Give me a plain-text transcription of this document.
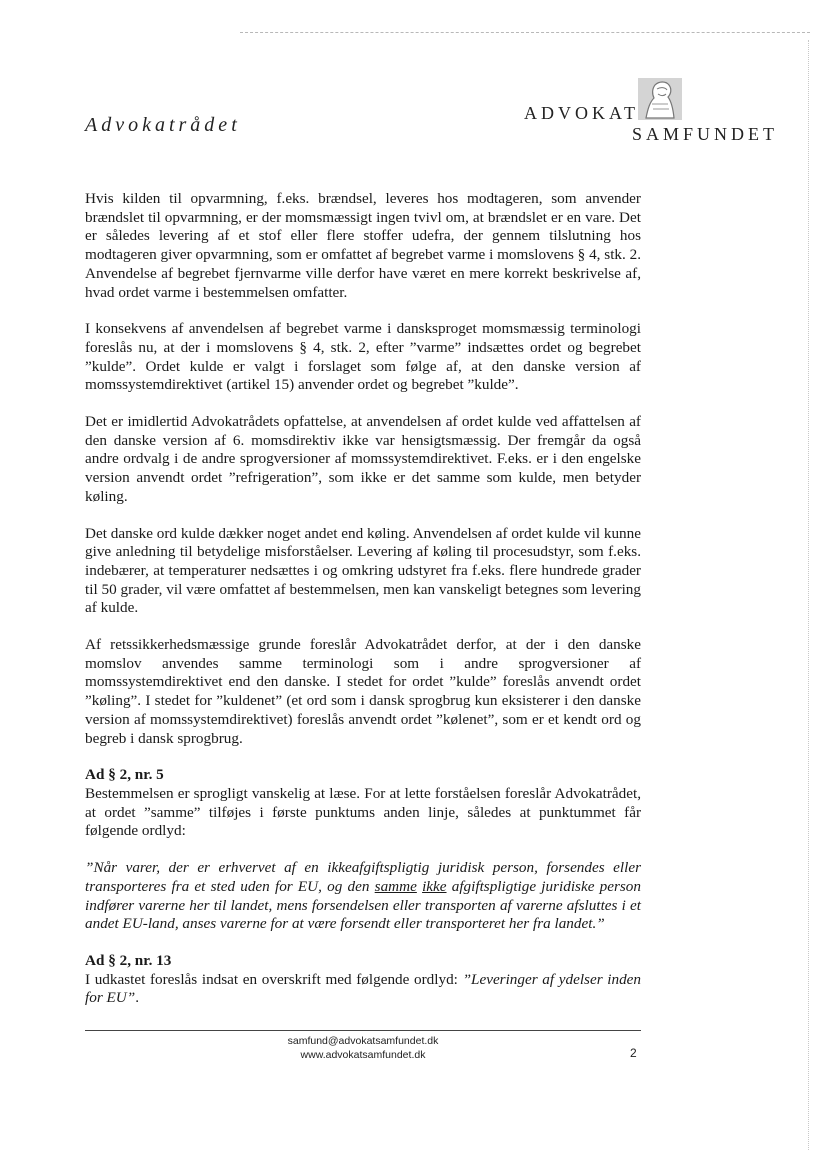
Advokatrådet
ADVOKAT
SAMFUNDET

Hvis kilden til opvarmning, f.eks. brændsel, leveres hos modtageren, som anvender brændslet til opvarmning, er der momsmæssigt ingen tvivl om, at brændslet er en vare. Det er således levering af et stof eller flere stoffer udefra, der gennem tilslutning hos modtageren giver opvarmning, som er omfattet af begrebet varme i momslovens § 4, stk. 2. Anvendelse af begrebet fjernvarme ville derfor have været en mere korrekt beskrivelse af, hvad ordet varme i bestemmelsen omfatter.

I konsekvens af anvendelsen af begrebet varme i dansksproget momsmæssig terminologi foreslås nu, at der i momslovens § 4, stk. 2, efter ”varme” indsættes ordet og begrebet ”kulde”. Ordet kulde er valgt i forslaget som følge af, at den danske version af momssystemdirektivet (artikel 15) anvender ordet og begrebet ”kulde”.

Det er imidlertid Advokatrådets opfattelse, at anvendelsen af ordet kulde ved affattelsen af den danske version af 6. momsdirektiv ikke var hensigtsmæssig. Der fremgår da også andre ordvalg i de andre sprogversioner af momssystemdirektivet. F.eks. er i den engelske version anvendt ordet ”refrigeration”, som ikke er det samme som kulde, men betyder køling.

Det danske ord kulde dækker noget andet end køling. Anvendelsen af ordet kulde vil kunne give anledning til betydelige misforståelser. Levering af køling til procesudstyr, som f.eks. indebærer, at temperaturer nedsættes i og omkring udstyret fra f.eks. flere hundrede grader til 50 grader, vil være omfattet af bestemmelsen, men kan vanskeligt betegnes som levering af kulde.

Af retssikkerhedsmæssige grunde foreslår Advokatrådet derfor, at der i den danske momslov anvendes samme terminologi som i andre sprogversioner af momssystemdirektivet end den danske. I stedet for ordet ”kulde” foreslås anvendt ordet ”køling”. I stedet for ”kuldenet” (et ord som i dansk sprogbrug kun eksisterer i den danske version af momssystemdirektivet) foreslås anvendt ordet ”kølenet”, som er et kendt ord og begreb i dansk sprogbrug.

Ad § 2, nr. 5

Bestemmelsen er sprogligt vanskelig at læse. For at lette forståelsen foreslår Advokatrådet, at ordet ”samme” tilføjes i første punktums anden linje, således at punktummet får følgende ordlyd:

”Når varer, der er erhvervet af en ikkeafgiftspligtig juridisk person, forsendes eller transporteres fra et sted uden for EU, og den samme ikke afgiftspligtige juridiske person indfører varerne her til landet, mens forsendelsen eller transporten af varerne afsluttes i et andet EU-land, anses varerne for at være forsendt eller transporteret her fra landet.”

Ad § 2, nr. 13

I udkastet foreslås indsat en overskrift med følgende ordlyd: ”Leveringer af ydelser inden for EU”.

samfund@advokatsamfundet.dk
www.advokatsamfundet.dk	2
